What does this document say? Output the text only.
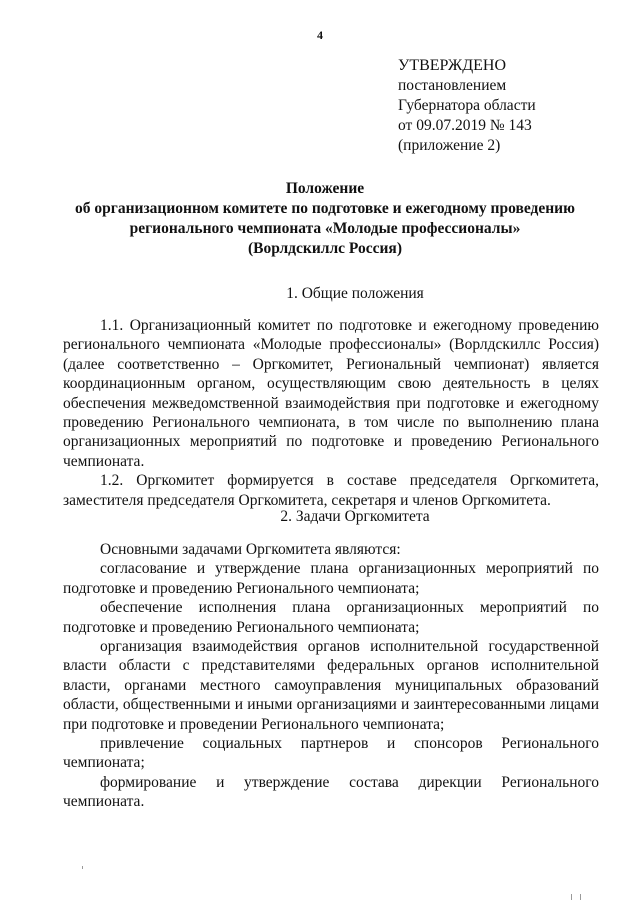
4
УТВЕРЖДЕНО
постановлением
Губернатора области
от 09.07.2019 № 143
(приложение 2)
Положение
об организационном комитете по подготовке и ежегодному проведению
регионального чемпионата «Молодые профессионалы»
(Ворлдскиллс Россия)
1. Общие положения

1.1. Организационный комитет по подготовке и ежегодному проведению регионального чемпионата «Молодые профессионалы» (Ворлдскиллс Россия) (далее соответственно – Оргкомитет, Региональный чемпионат) является координационным органом, осуществляющим свою деятельность в целях обеспечения межведомственной взаимодействия при подготовке и ежегодному проведению Регионального чемпионата, в том числе по выполнению плана организационных мероприятий по подготовке и проведению Регионального чемпионата.

1.2. Оргкомитет формируется в составе председателя Оргкомитета, заместителя председателя Оргкомитета, секретаря и членов Оргкомитета.

2. Задачи Оргкомитета

Основными задачами Оргкомитета являются:

согласование и утверждение плана организационных мероприятий по подготовке и проведению Регионального чемпионата;

обеспечение исполнения плана организационных мероприятий по подготовке и проведению Регионального чемпионата;

организация взаимодействия органов исполнительной государственной власти области с представителями федеральных органов исполнительной власти, органами местного самоуправления муниципальных образований области, общественными и иными организациями и заинтересованными лицами при подготовке и проведении Регионального чемпионата;

привлечение социальных партнеров и спонсоров Регионального чемпионата;

формирование и утверждение состава дирекции Регионального чемпионата.
